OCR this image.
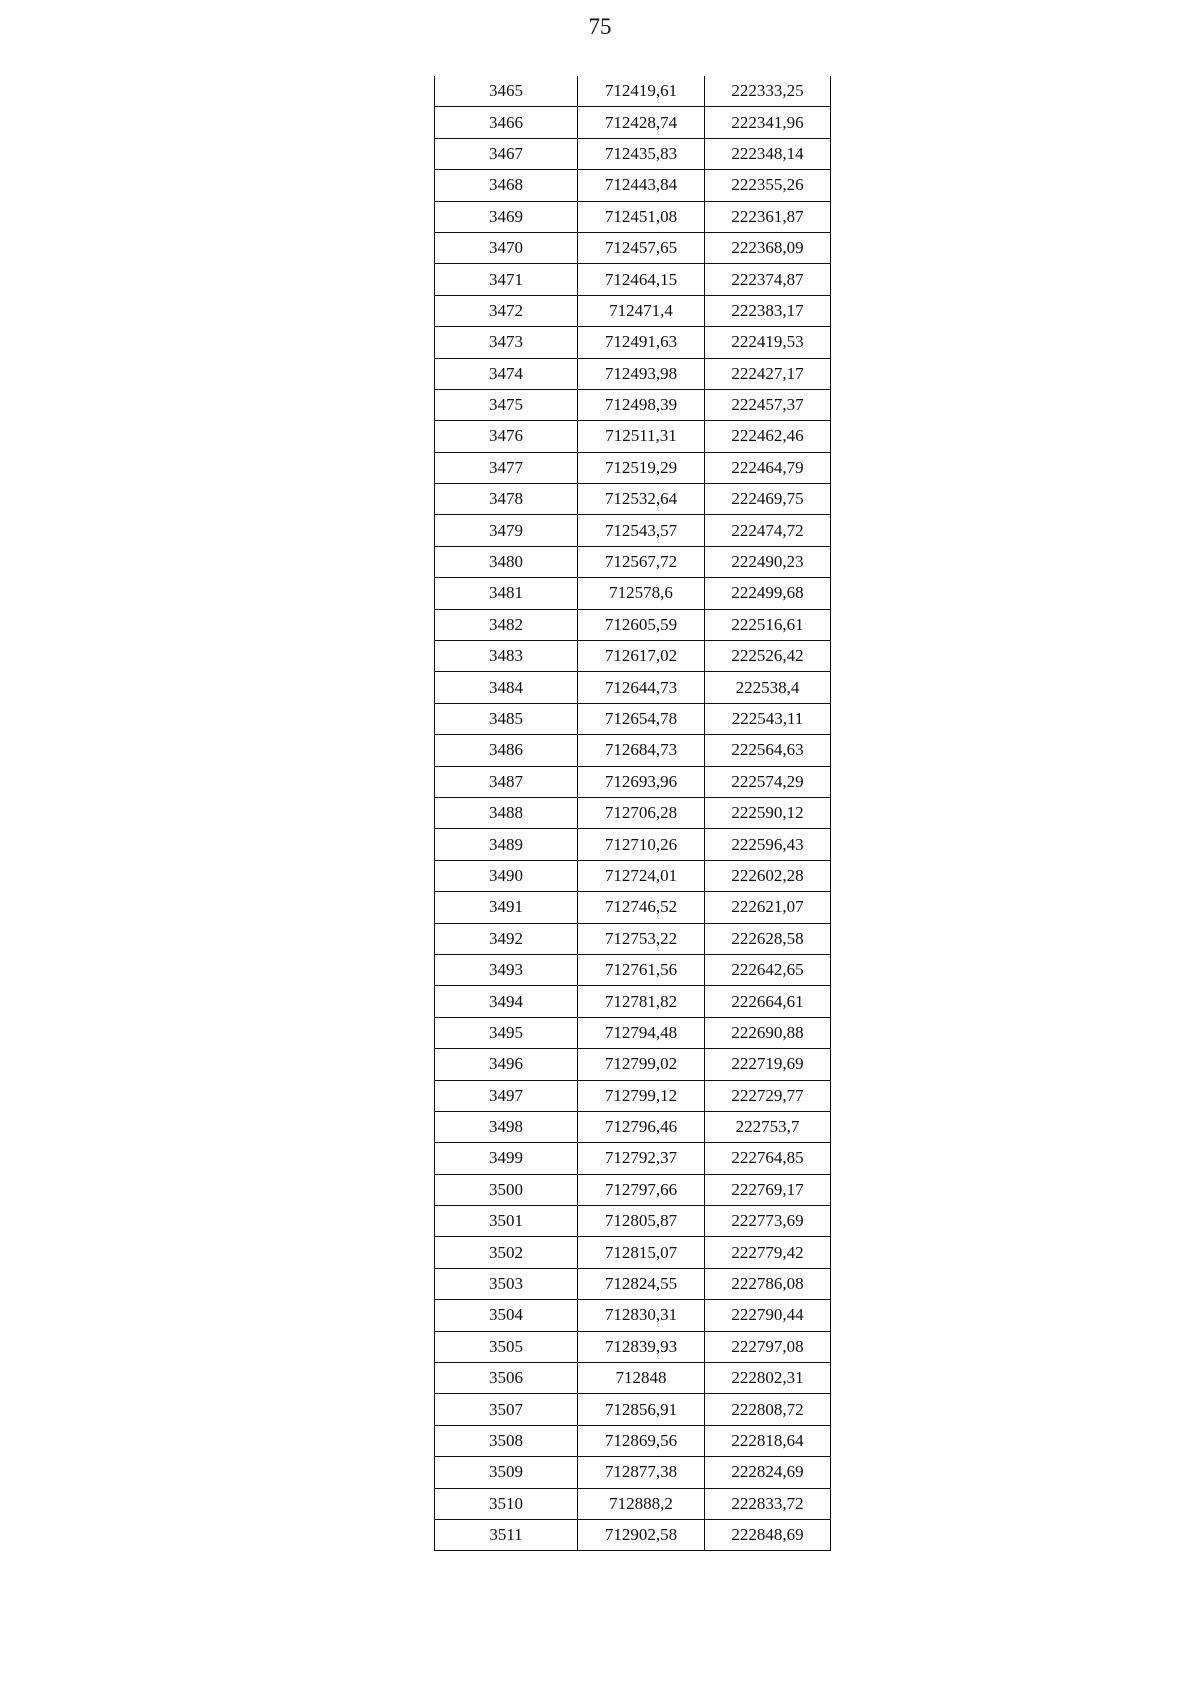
75
3465	712419,61	222333,25
3466	712428,74	222341,96
3467	712435,83	222348,14
3468	712443,84	222355,26
3469	712451,08	222361,87
3470	712457,65	222368,09
3471	712464,15	222374,87
3472	712471,4	222383,17
3473	712491,63	222419,53
3474	712493,98	222427,17
3475	712498,39	222457,37
3476	712511,31	222462,46
3477	712519,29	222464,79
3478	712532,64	222469,75
3479	712543,57	222474,72
3480	712567,72	222490,23
3481	712578,6	222499,68
3482	712605,59	222516,61
3483	712617,02	222526,42
3484	712644,73	222538,4
3485	712654,78	222543,11
3486	712684,73	222564,63
3487	712693,96	222574,29
3488	712706,28	222590,12
3489	712710,26	222596,43
3490	712724,01	222602,28
3491	712746,52	222621,07
3492	712753,22	222628,58
3493	712761,56	222642,65
3494	712781,82	222664,61
3495	712794,48	222690,88
3496	712799,02	222719,69
3497	712799,12	222729,77
3498	712796,46	222753,7
3499	712792,37	222764,85
3500	712797,66	222769,17
3501	712805,87	222773,69
3502	712815,07	222779,42
3503	712824,55	222786,08
3504	712830,31	222790,44
3505	712839,93	222797,08
3506	712848	222802,31
3507	712856,91	222808,72
3508	712869,56	222818,64
3509	712877,38	222824,69
3510	712888,2	222833,72
3511	712902,58	222848,69
